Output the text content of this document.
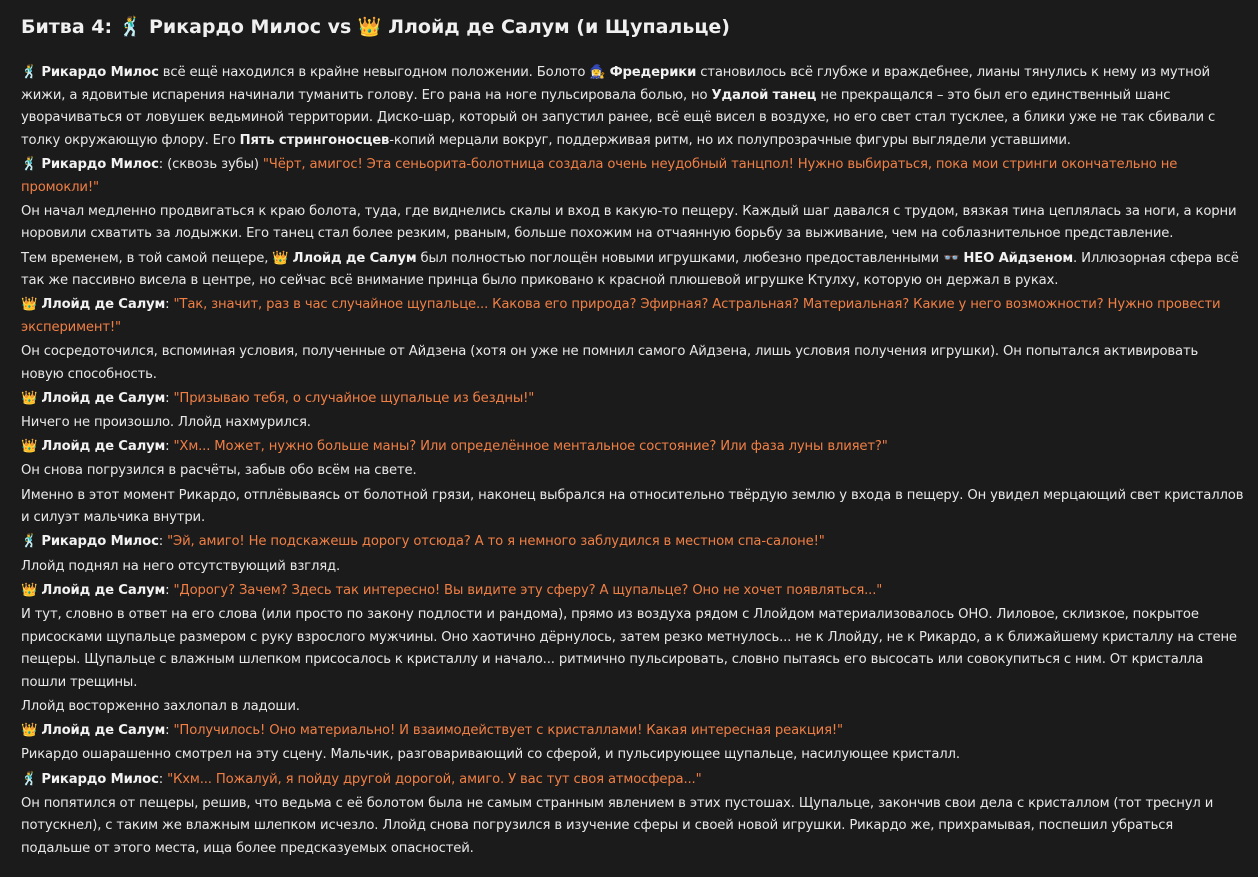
Битва 4: 🕺 Рикардо Милос vs 👑 Ллойд де Салум (и Щупальце)
🕺 Рикардо Милос всё ещё находился в крайне невыгодном положении. Болото 🧙‍♀️ Фредерики становилось всё глубже и враждебнее, лианы тянулись к нему из мутной жижи, а ядовитые испарения начинали туманить голову. Его рана на ноге пульсировала болью, но Удалой танец не прекращался – это был его единственный шанс уворачиваться от ловушек ведьминой территории. Диско-шар, который он запустил ранее, всё ещё висел в воздухе, но его свет стал тусклее, а блики уже не так сбивали с толку окружающую флору. Его Пять стрингоносцев-копий мерцали вокруг, поддерживая ритм, но их полупрозрачные фигуры выглядели уставшими.
🕺 Рикардо Милос: (сквозь зубы) "Чёрт, амигос! Эта сеньорита-болотница создала очень неудобный танцпол! Нужно выбираться, пока мои стринги окончательно не промокли!"
Он начал медленно продвигаться к краю болота, туда, где виднелись скалы и вход в какую-то пещеру. Каждый шаг давался с трудом, вязкая тина цеплялась за ноги, а корни норовили схватить за лодыжки. Его танец стал более резким, рваным, больше похожим на отчаянную борьбу за выживание, чем на соблазнительное представление.
Тем временем, в той самой пещере, 👑 Ллойд де Салум был полностью поглощён новыми игрушками, любезно предоставленными 👓 НЕО Айдзеном. Иллюзорная сфера всё так же пассивно висела в центре, но сейчас всё внимание принца было приковано к красной плюшевой игрушке Ктулху, которую он держал в руках.
👑 Ллойд де Салум: "Так, значит, раз в час случайное щупальце... Какова его природа? Эфирная? Астральная? Материальная? Какие у него возможности? Нужно провести эксперимент!"
Он сосредоточился, вспоминая условия, полученные от Айдзена (хотя он уже не помнил самого Айдзена, лишь условия получения игрушки). Он попытался активировать новую способность.
👑 Ллойд де Салум: "Призываю тебя, о случайное щупальце из бездны!"
Ничего не произошло. Ллойд нахмурился.
👑 Ллойд де Салум: "Хм... Может, нужно больше маны? Или определённое ментальное состояние? Или фаза луны влияет?"
Он снова погрузился в расчёты, забыв обо всём на свете.
Именно в этот момент Рикардо, отплёвываясь от болотной грязи, наконец выбрался на относительно твёрдую землю у входа в пещеру. Он увидел мерцающий свет кристаллов и силуэт мальчика внутри.
🕺 Рикардо Милос: "Эй, амиго! Не подскажешь дорогу отсюда? А то я немного заблудился в местном спа-салоне!"
Ллойд поднял на него отсутствующий взгляд.
👑 Ллойд де Салум: "Дорогу? Зачем? Здесь так интересно! Вы видите эту сферу? А щупальце? Оно не хочет появляться..."
И тут, словно в ответ на его слова (или просто по закону подлости и рандома), прямо из воздуха рядом с Ллойдом материализовалось ОНО. Лиловое, склизкое, покрытое присосками щупальце размером с руку взрослого мужчины. Оно хаотично дёрнулось, затем резко метнулось... не к Ллойду, не к Рикардо, а к ближайшему кристаллу на стене пещеры. Щупальце с влажным шлепком присосалось к кристаллу и начало... ритмично пульсировать, словно пытаясь его высосать или совокупиться с ним. От кристалла пошли трещины.
Ллойд восторженно захлопал в ладоши.
👑 Ллойд де Салум: "Получилось! Оно материально! И взаимодействует с кристаллами! Какая интересная реакция!"
Рикардо ошарашенно смотрел на эту сцену. Мальчик, разговаривающий со сферой, и пульсирующее щупальце, насилующее кристалл.
🕺 Рикардо Милос: "Кхм... Пожалуй, я пойду другой дорогой, амиго. У вас тут своя атмосфера..."
Он попятился от пещеры, решив, что ведьма с её болотом была не самым странным явлением в этих пустошах. Щупальце, закончив свои дела с кристаллом (тот треснул и потускнел), с таким же влажным шлепком исчезло. Ллойд снова погрузился в изучение сферы и своей новой игрушки. Рикардо же, прихрамывая, поспешил убраться подальше от этого места, ища более предсказуемых опасностей.
